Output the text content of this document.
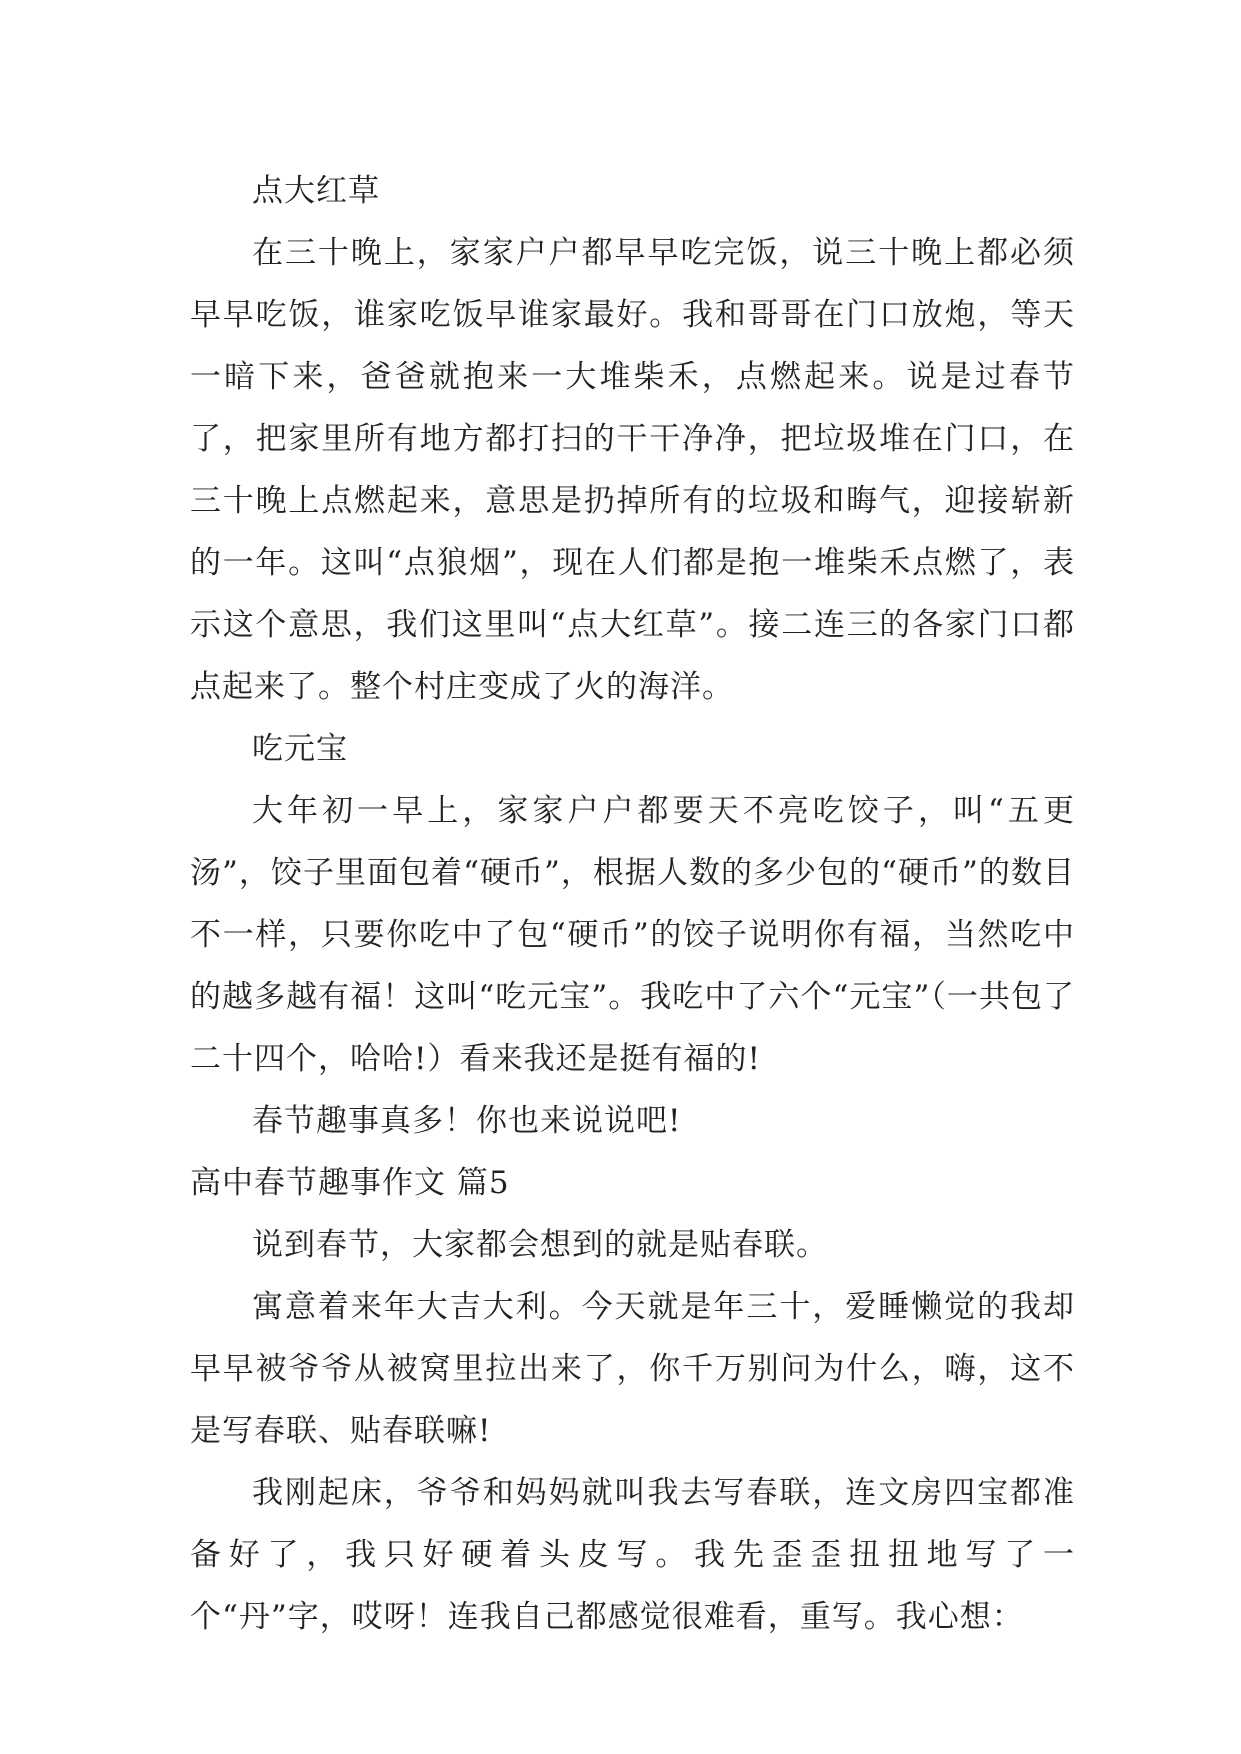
点大红草

在三十晚上，家家户户都早早吃完饭，说三十晚上都必须早早吃饭，谁家吃饭早谁家最好。我和哥哥在门口放炮，等天一暗下来，爸爸就抱来一大堆柴禾，点燃起来。说是过春节了，把家里所有地方都打扫的干干净净，把垃圾堆在门口，在三十晚上点燃起来，意思是扔掉所有的垃圾和晦气，迎接崭新的一年。这叫“点狼烟”，现在人们都是抱一堆柴禾点燃了，表示这个意思，我们这里叫“点大红草”。接二连三的各家门口都点起来了。整个村庄变成了火的海洋。

吃元宝

大年初一早上，家家户户都要天不亮吃饺子，叫“五更汤”，饺子里面包着“硬币”，根据人数的多少包的“硬币”的数目不一样，只要你吃中了包“硬币”的饺子说明你有福，当然吃中的越多越有福！这叫“吃元宝”。我吃中了六个“元宝”（一共包了二十四个，哈哈!）看来我还是挺有福的!

春节趣事真多！你也来说说吧!

高中春节趣事作文 篇5

说到春节，大家都会想到的就是贴春联。

寓意着来年大吉大利。今天就是年三十，爱睡懒觉的我却早早被爷爷从被窝里拉出来了，你千万别问为什么，嗨，这不是写春联、贴春联嘛!

我刚起床，爷爷和妈妈就叫我去写春联，连文房四宝都准备好了，我只好硬着头皮写。我先歪歪扭扭地写了一个“丹”字，哎呀！连我自己都感觉很难看，重写。我心想：
